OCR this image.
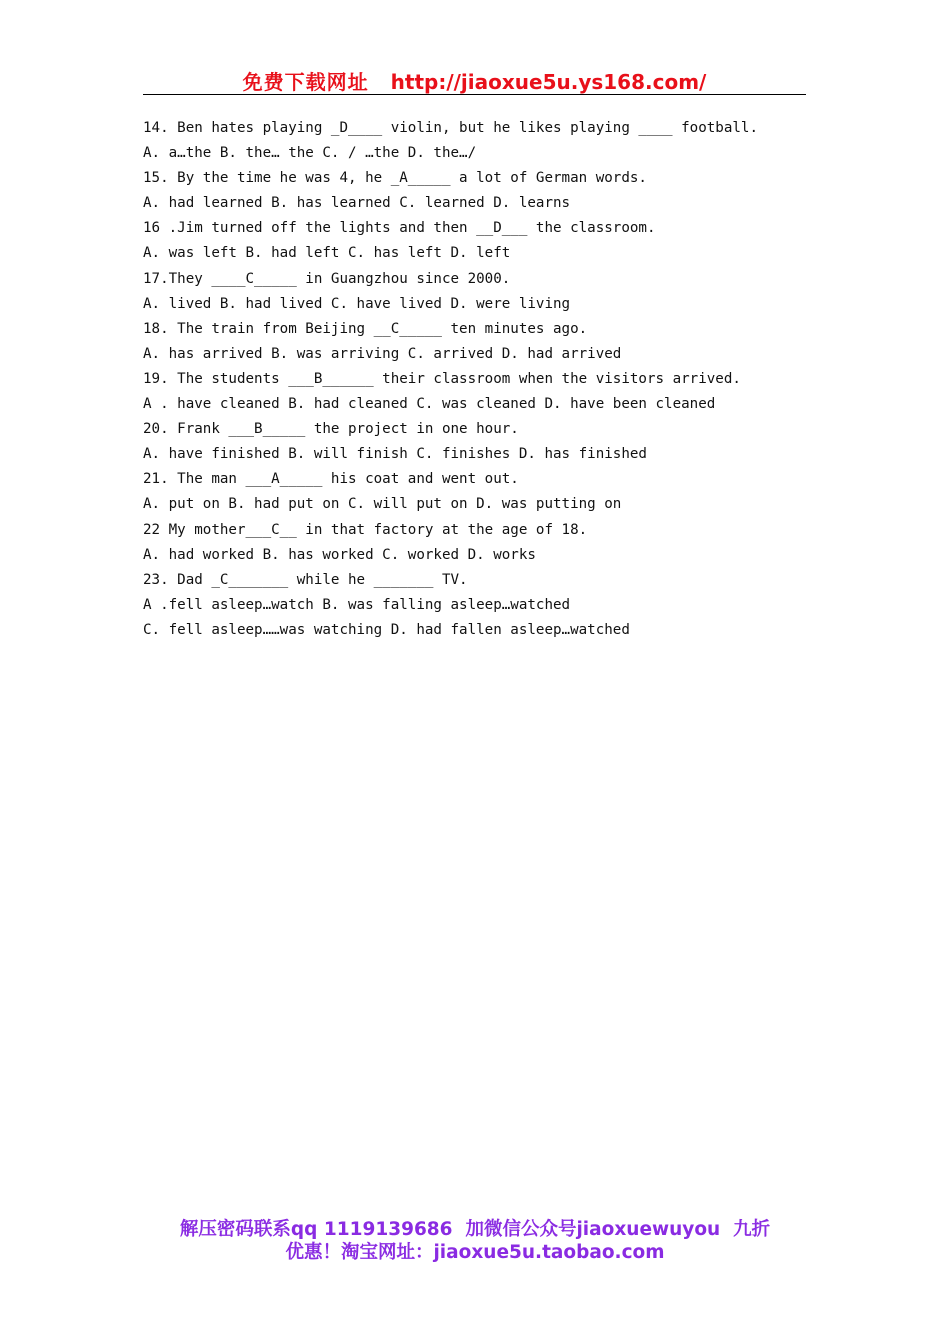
免费下载网址 http://jiaoxue5u.ys168.com/
14. Ben hates playing _D____ violin, but he likes playing ____ football.
A. a…the B. the… the C. / …the D. the…/
15. By the time he was 4, he _A_____ a lot of German words.
A. had learned B. has learned C. learned D. learns
16 .Jim turned off the lights and then __D___ the classroom.
A. was left B. had left C. has left D. left
17.They ____C_____ in Guangzhou since 2000.
A. lived B. had lived C. have lived D. were living
18. The train from Beijing __C_____ ten minutes ago.
A. has arrived B. was arriving C. arrived D. had arrived
19. The students ___B______ their classroom when the visitors arrived.
A . have cleaned B. had cleaned C. was cleaned D. have been cleaned
20. Frank ___B_____ the project in one hour.
A. have finished B. will finish C. finishes D. has finished
21. The man ___A_____ his coat and went out.
A. put on B. had put on C. will put on D. was putting on
22 My mother___C__ in that factory at the age of 18.
A. had worked B. has worked C. worked D. works
23. Dad _C_______ while he _______ TV.
A .fell asleep…watch B. was falling asleep…watched
C. fell asleep……was watching D. had fallen asleep…watched
解压密码联系qq 1119139686 加微信公众号jiaoxuewuyou 九折
优惠！淘宝网址：jiaoxue5u.taobao.com
